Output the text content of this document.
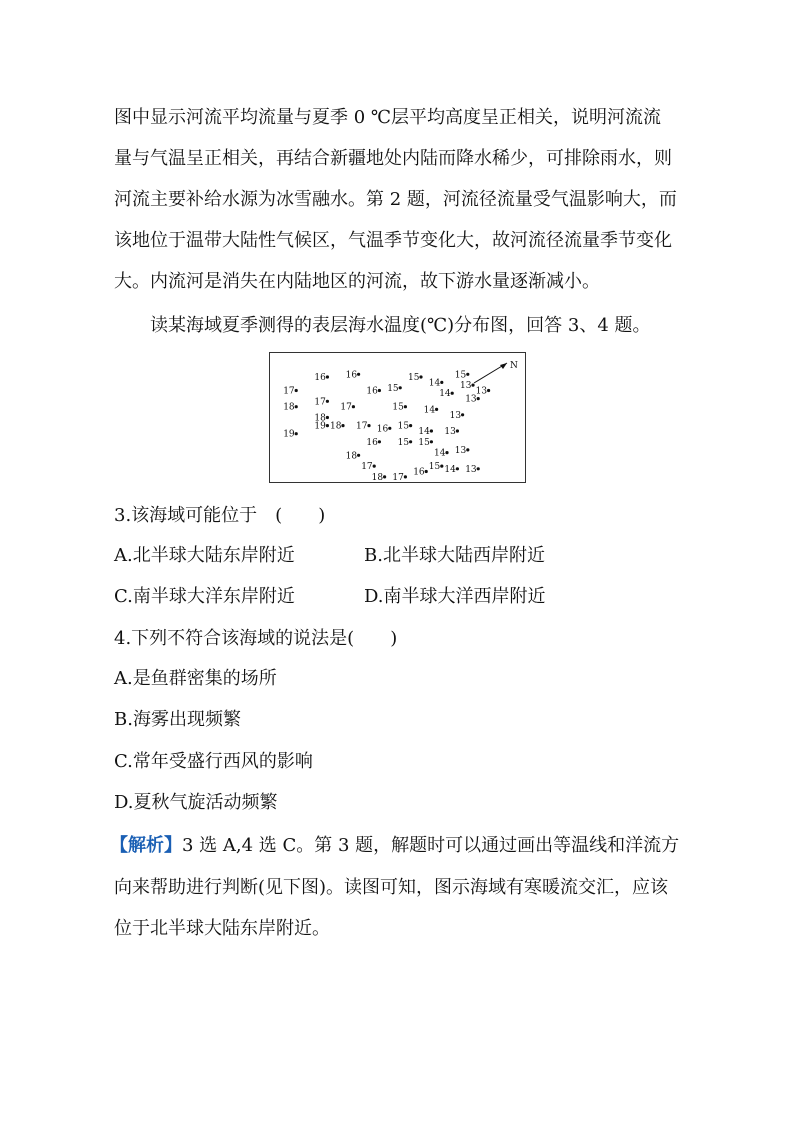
图中显示河流平均流量与夏季 0 ℃层平均高度呈正相关，说明河流流
量与气温呈正相关，再结合新疆地处内陆而降水稀少，可排除雨水，则
河流主要补给水源为冰雪融水。第 2 题，河流径流量受气温影响大，而
该地位于温带大陆性气候区，气温季节变化大，故河流径流量季节变化
大。内流河是消失在内陆地区的河流，故下游水量逐渐减小。
读某海域夏季测得的表层海水温度(℃)分布图，回答 3、4 题。
N
15
15
14 13
13
16 16
15
14
13
17	16
17
17	15 14
13
18
18
18	16 15
14 13
19
19	17
16 15 15
13
18	14
17
18 17
16
15 14 13
3.该海域可能位于　(　　)
A.北半球大陆东岸附近	B.北半球大陆西岸附近
C.南半球大洋东岸附近	D.南半球大洋西岸附近
4.下列不符合该海域的说法是(　　)
A.是鱼群密集的场所
B.海雾出现频繁
C.常年受盛行西风的影响
D.夏秋气旋活动频繁
【解析】3 选 A,4 选 C。第 3 题，解题时可以通过画出等温线和洋流方
向来帮助进行判断(见下图)。读图可知，图示海域有寒暖流交汇，应该
位于北半球大陆东岸附近。
